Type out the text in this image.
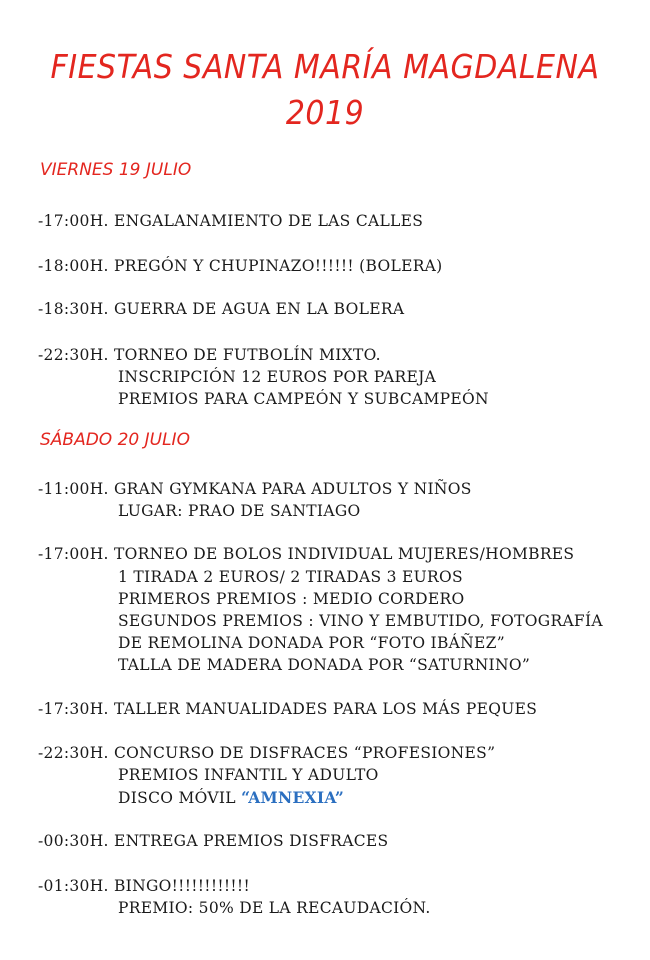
FIESTAS SANTA MARÍA MAGDALENA
2019
VIERNES 19 JULIO
-17:00H. ENGALANAMIENTO DE LAS CALLES
-18:00H. PREGÓN Y CHUPINAZO!!!!!! (BOLERA)
-18:30H. GUERRA DE AGUA EN LA BOLERA
-22:30H. TORNEO DE FUTBOLÍN MIXTO.
INSCRIPCIÓN 12 EUROS POR PAREJA
PREMIOS PARA CAMPEÓN Y SUBCAMPEÓN
SÁBADO 20 JULIO
-11:00H. GRAN GYMKANA PARA ADULTOS Y NIÑOS
LUGAR: PRAO DE SANTIAGO
-17:00H. TORNEO DE BOLOS INDIVIDUAL MUJERES/HOMBRES
1 TIRADA 2 EUROS/ 2 TIRADAS 3 EUROS
PRIMEROS PREMIOS : MEDIO CORDERO
SEGUNDOS PREMIOS : VINO Y EMBUTIDO, FOTOGRAFÍA
DE REMOLINA DONADA POR “FOTO IBÁÑEZ”
TALLA DE MADERA DONADA POR “SATURNINO”
-17:30H. TALLER MANUALIDADES PARA LOS MÁS PEQUES
-22:30H. CONCURSO DE DISFRACES “PROFESIONES”
PREMIOS INFANTIL Y ADULTO
DISCO MÓVIL “AMNEXIA”
-00:30H. ENTREGA PREMIOS DISFRACES
-01:30H. BINGO!!!!!!!!!!!!
PREMIO: 50% DE LA RECAUDACIÓN.
